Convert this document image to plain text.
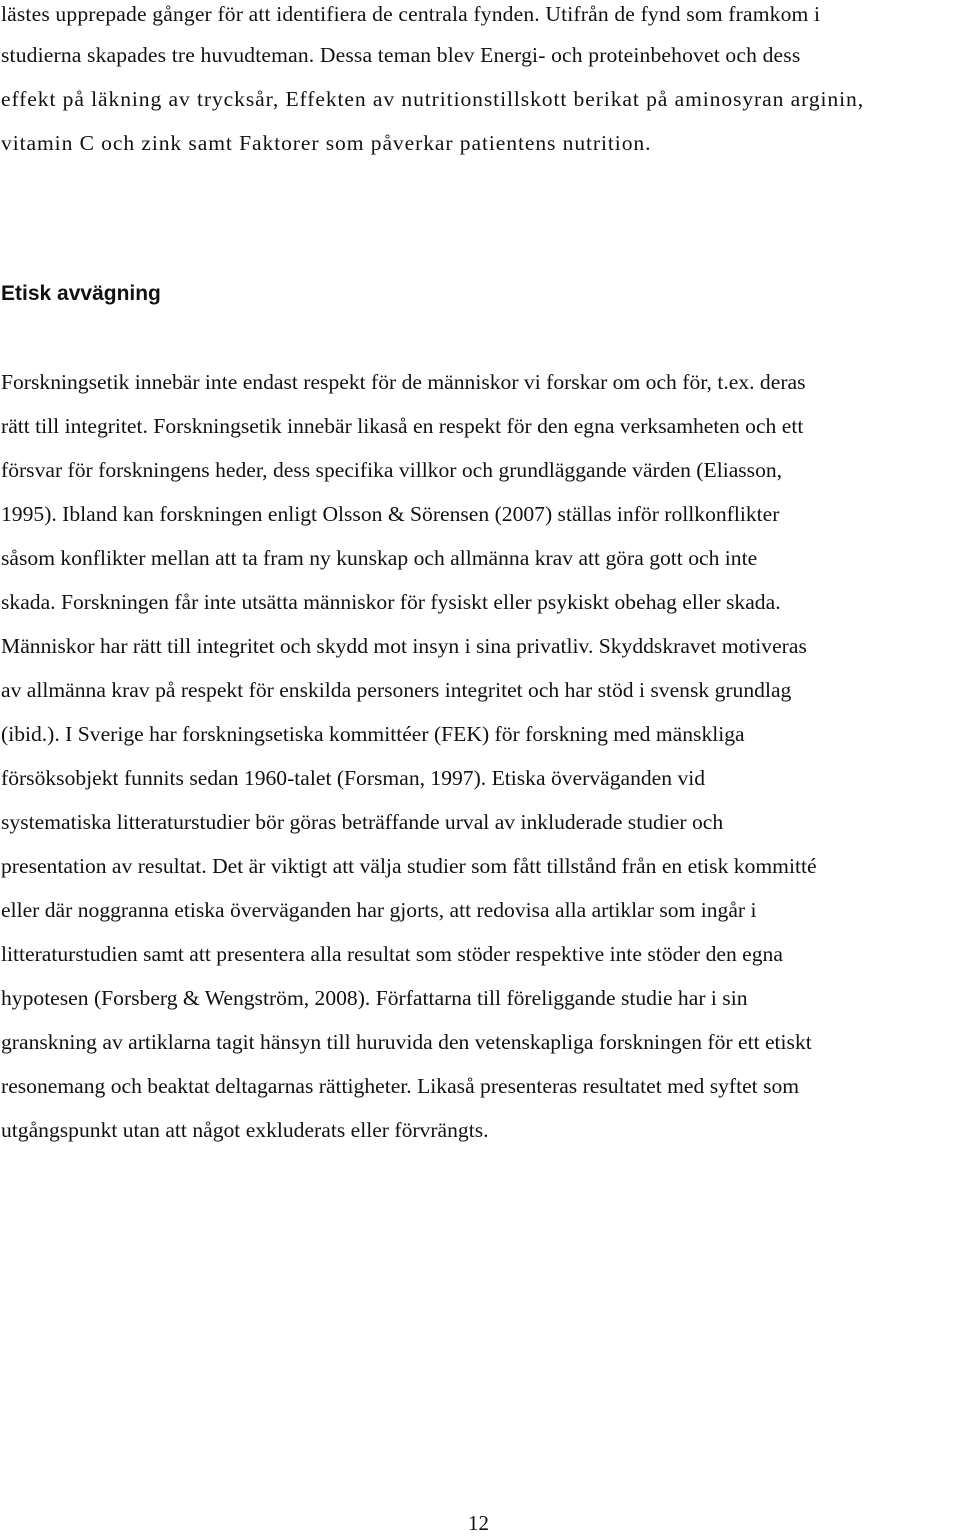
lästes upprepade gånger för att identifiera de centrala fynden. Utifrån de fynd som framkom i
studierna skapades tre huvudteman. Dessa teman blev Energi- och proteinbehovet och dess
effekt på läkning av trycksår, Effekten av nutritionstillskott berikat på aminosyran arginin,
vitamin C och zink samt Faktorer som påverkar patientens nutrition.
Etisk avvägning
Forskningsetik innebär inte endast respekt för de människor vi forskar om och för, t.ex. deras
rätt till integritet. Forskningsetik innebär likaså en respekt för den egna verksamheten och ett
försvar för forskningens heder, dess specifika villkor och grundläggande värden (Eliasson,
1995). Ibland kan forskningen enligt Olsson & Sörensen (2007) ställas inför rollkonflikter
såsom konflikter mellan att ta fram ny kunskap och allmänna krav att göra gott och inte
skada. Forskningen får inte utsätta människor för fysiskt eller psykiskt obehag eller skada.
Människor har rätt till integritet och skydd mot insyn i sina privatliv. Skyddskravet motiveras
av allmänna krav på respekt för enskilda personers integritet och har stöd i svensk grundlag
(ibid.). I Sverige har forskningsetiska kommittéer (FEK) för forskning med mänskliga
försöksobjekt funnits sedan 1960-talet (Forsman, 1997). Etiska överväganden vid
systematiska litteraturstudier bör göras beträffande urval av inkluderade studier och
presentation av resultat. Det är viktigt att välja studier som fått tillstånd från en etisk kommitté
eller där noggranna etiska överväganden har gjorts, att redovisa alla artiklar som ingår i
litteraturstudien samt att presentera alla resultat som stöder respektive inte stöder den egna
hypotesen (Forsberg & Wengström, 2008). Författarna till föreliggande studie har i sin
granskning av artiklarna tagit hänsyn till huruvida den vetenskapliga forskningen för ett etiskt
resonemang och beaktat deltagarnas rättigheter. Likaså presenteras resultatet med syftet som
utgångspunkt utan att något exkluderats eller förvrängts.
12
